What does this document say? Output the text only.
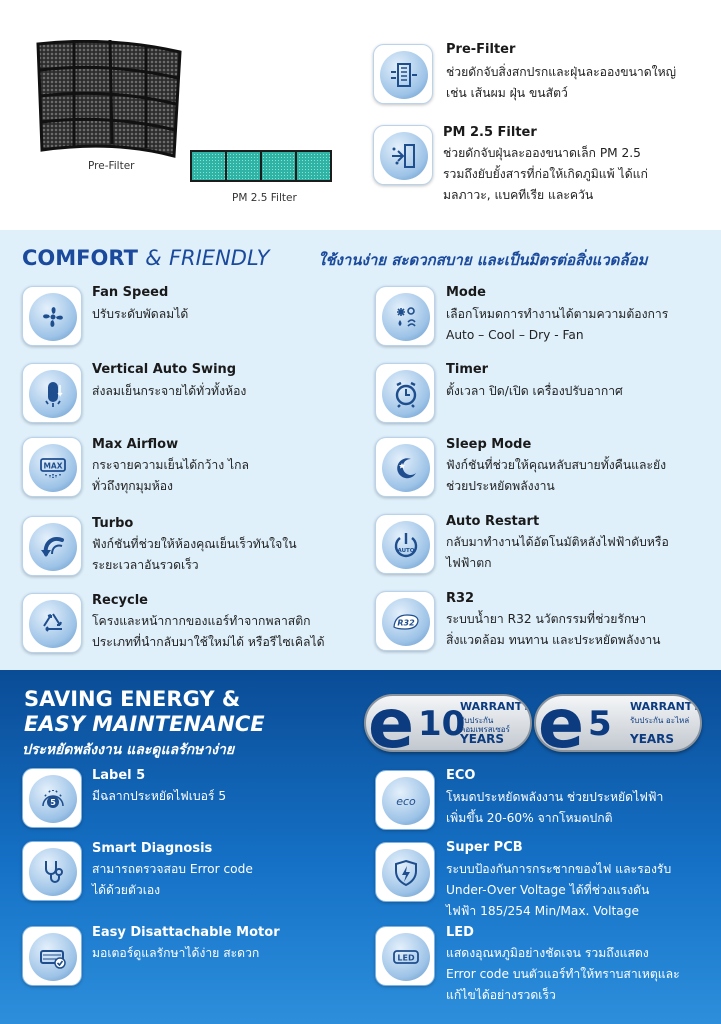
Pre-Filter
PM 2.5 Filter
Pre-Filter
ช่วยดักจับสิ่งสกปรกและฝุ่นละอองขนาดใหญ่
เช่น เส้นผม ฝุ่น ขนสัตว์
PM 2.5 Filter
ช่วยดักจับฝุ่นละอองขนาดเล็ก PM 2.5
รวมถึงยับยั้งสารที่ก่อให้เกิดภูมิแพ้ ได้แก่
มลภาวะ, แบคทีเรีย และควัน
COMFORT & FRIENDLY	ใช้งานง่าย สะดวกสบาย และเป็นมิตรต่อสิ่งแวดล้อม
Fan Speed
ปรับระดับพัดลมได้
Vertical Auto Swing
ส่งลมเย็นกระจายได้ทั่วทั้งห้อง
MAX
Max Airflow
กระจายความเย็นได้กว้าง ไกล
ทั่วถึงทุกมุมห้อง
Turbo
ฟังก์ชันที่ช่วยให้ห้องคุณเย็นเร็วทันใจใน
ระยะเวลาอันรวดเร็ว
Recycle
โครงและหน้ากากของแอร์ทำจากพลาสติก
ประเภทที่นำกลับมาใช้ใหม่ได้ หรือรีไซเคิลได้
Mode
เลือกโหมดการทำงานได้ตามความต้องการ
Auto – Cool – Dry - Fan
Timer
ตั้งเวลา ปิด/เปิด เครื่องปรับอากาศ
Sleep Mode
ฟังก์ชันที่ช่วยให้คุณหลับสบายทั้งคืนและยัง
ช่วยประหยัดพลังงาน
AUTO
Auto Restart
กลับมาทำงานได้อัตโนมัติหลังไฟฟ้าดับหรือ
ไฟฟ้าตก
R32
R32
ระบบน้ำยา R32 นวัตกรรมที่ช่วยรักษา
สิ่งแวดล้อม ทนทาน และประหยัดพลังงาน
SAVING ENERGY &
EASY MAINTENANCE
ประหยัดพลังงาน และดูแลรักษาง่าย e 10
WARRANTY
รับประกัน คอมเพรสเซอร์
YEARS e 5 WARRANTY
รับประกัน อะไหล่
YEARS
5
Label 5
มีฉลากประหยัดไฟเบอร์ 5
Smart Diagnosis
สามารถตรวจสอบ Error code
ได้ด้วยตัวเอง
Easy Disattachable Motor
มอเตอร์ดูแลรักษาได้ง่าย สะดวก
eco
ECO
โหมดประหยัดพลังงาน ช่วยประหยัดไฟฟ้า
เพิ่มขึ้น 20-60% จากโหมดปกติ
Super PCB
ระบบป้องกันการกระชากของไฟ และรองรับ
Under-Over Voltage ได้ที่ช่วงแรงดัน
ไฟฟ้า 185/254 Min/Max. Voltage
LED
LED
แสดงอุณหภูมิอย่างชัดเจน รวมถึงแสดง
Error code บนตัวแอร์ทำให้ทราบสาเหตุและ
แก้ไขได้อย่างรวดเร็ว
